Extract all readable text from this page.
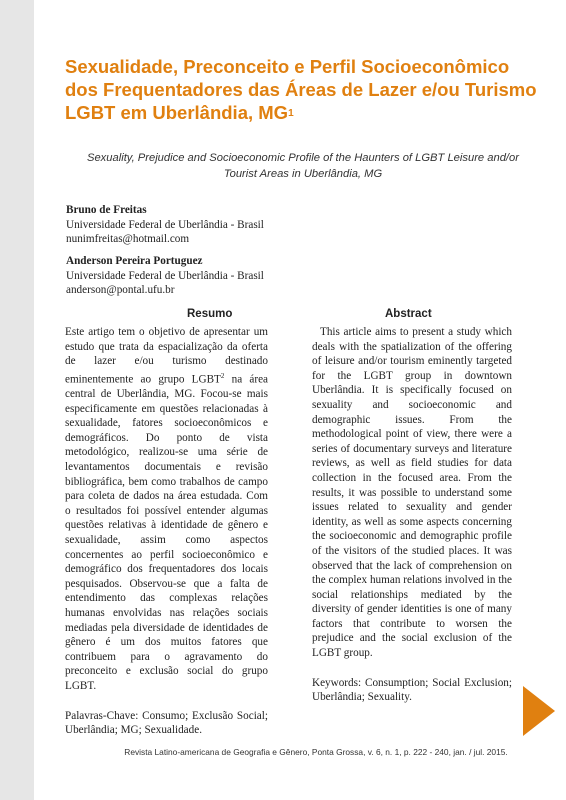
Sexualidade, Preconceito e Perfil Socioeconômico dos Frequentadores das Áreas de Lazer e/ou Turismo LGBT em Uberlândia, $MG^1$

Sexuality, Prejudice and Socioeconomic Profile of the Haunters of LGBT Leisure and/or Tourist Areas in Uberlândia, MG

Bruno de Freitas
Universidade Federal de Uberlândia - Brasil
nunimfreitas@hotmail.com
Anderson Pereira Portuguez
Universidade Federal de Uberlândia - Brasil
anderson@pontal.ufu.br
Resumo	Abstract

Este artigo tem o objetivo de apresentar um estudo que trata da espacialização da oferta de lazer e/ou turismo destinado eminentemente ao grupo LGBT$^2$ na área central de Uberlândia, MG. Focou-se mais especificamente em questões relacionadas à sexualidade, fatores socioeconômicos e demográficos. Do ponto de vista metodológico, realizou-se uma série de levantamentos documentais e revisão bibliográfica, bem como trabalhos de campo para coleta de dados na área estudada. Com o resultados foi possível entender algumas questões relativas à identidade de gênero e sexualidade, assim como aspectos concernentes ao perfil socioeconômico e demográfico dos frequentadores dos locais pesquisados. Observou-se que a falta de entendimento das complexas relações humanas envolvidas nas relações sociais mediadas pela diversidade de identidades de gênero é um dos muitos fatores que contribuem para o agravamento do preconceito e exclusão social do grupo LGBT.

Palavras-Chave: Consumo; Exclusão Social; Uberlândia; MG; Sexualidade.

This article aims to present a study which deals with the spatialization of the offering of leisure and/or tourism eminently targeted for the LGBT group in downtown Uberlândia. It is specifically focused on sexuality and socioeconomic and demographic issues. From the methodological point of view, there were a series of documentary surveys and literature reviews, as well as field studies for data collection in the focused area. From the results, it was possible to understand some issues related to sexuality and gender identity, as well as some aspects concerning the socioeconomic and demographic profile of the visitors of the studied places. It was observed that the lack of comprehension on the complex human relations involved in the social relationships mediated by the diversity of gender identities is one of many factors that contribute to worsen the prejudice and the social exclusion of the LGBT group.

Keywords: Consumption; Social Exclusion; Uberlândia; Sexuality.

Revista Latino-americana de Geografia e Gênero, Ponta Grossa, v. 6, n. 1, p. 222 - 240, jan. / jul. 2015.
